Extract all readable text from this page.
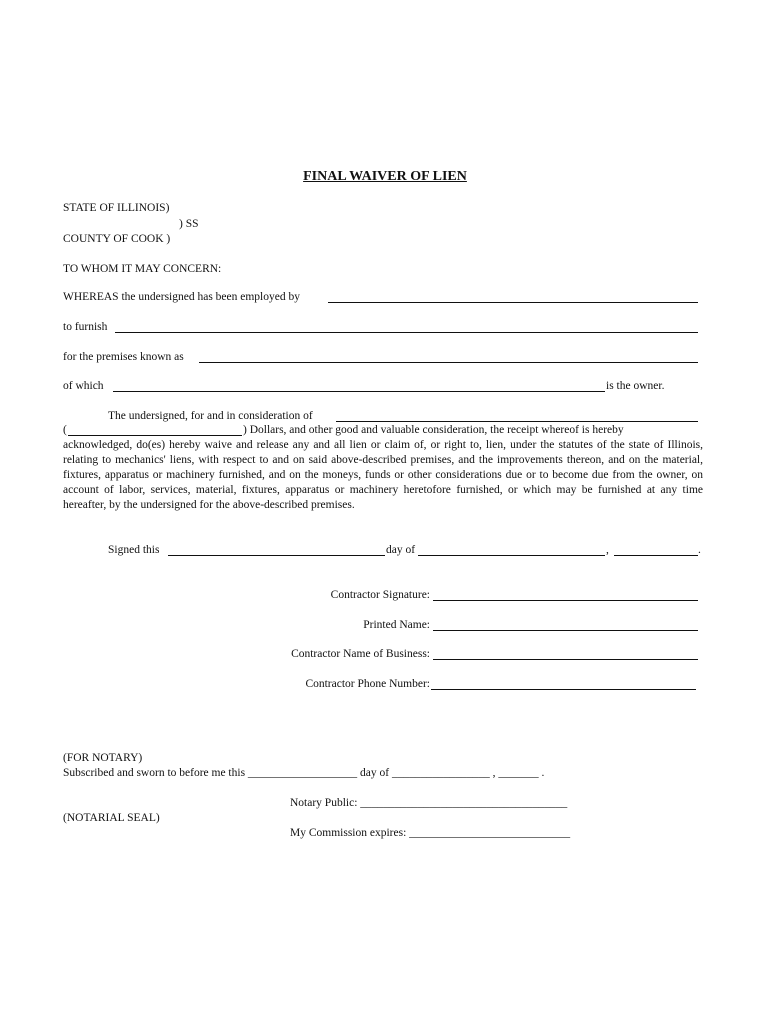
FINAL WAIVER OF LIEN
STATE OF ILLINOIS)
) SS
COUNTY OF COOK )
TO WHOM IT MAY CONCERN:
WHEREAS the undersigned has been employed by
to furnish
for the premises known as
of which	is the owner.
The undersigned, for and in consideration of
(	) Dollars, and other good and valuable consideration, the receipt whereof is hereby
acknowledged, do(es) hereby waive and release any and all lien or claim of, or right to, lien, under the statutes of the state of Illinois, relating to mechanics' liens, with respect to and on said above-described premises, and the improvements thereon, and on the material, fixtures, apparatus or machinery furnished, and on the moneys, funds or other considerations due or to become due from the owner, on account of labor, services, material, fixtures, apparatus or machinery heretofore furnished, or which may be furnished at any time hereafter, by the undersigned for the above-described premises.
Signed this	day of	,	.
Contractor Signature:
Printed Name:
Contractor Name of Business:
Contractor Phone Number:
(FOR NOTARY)
Subscribed and sworn to before me this ___________________ day of _________________ , _______ .
Notary Public: ____________________________________
(NOTARIAL SEAL)
My Commission expires: ____________________________
